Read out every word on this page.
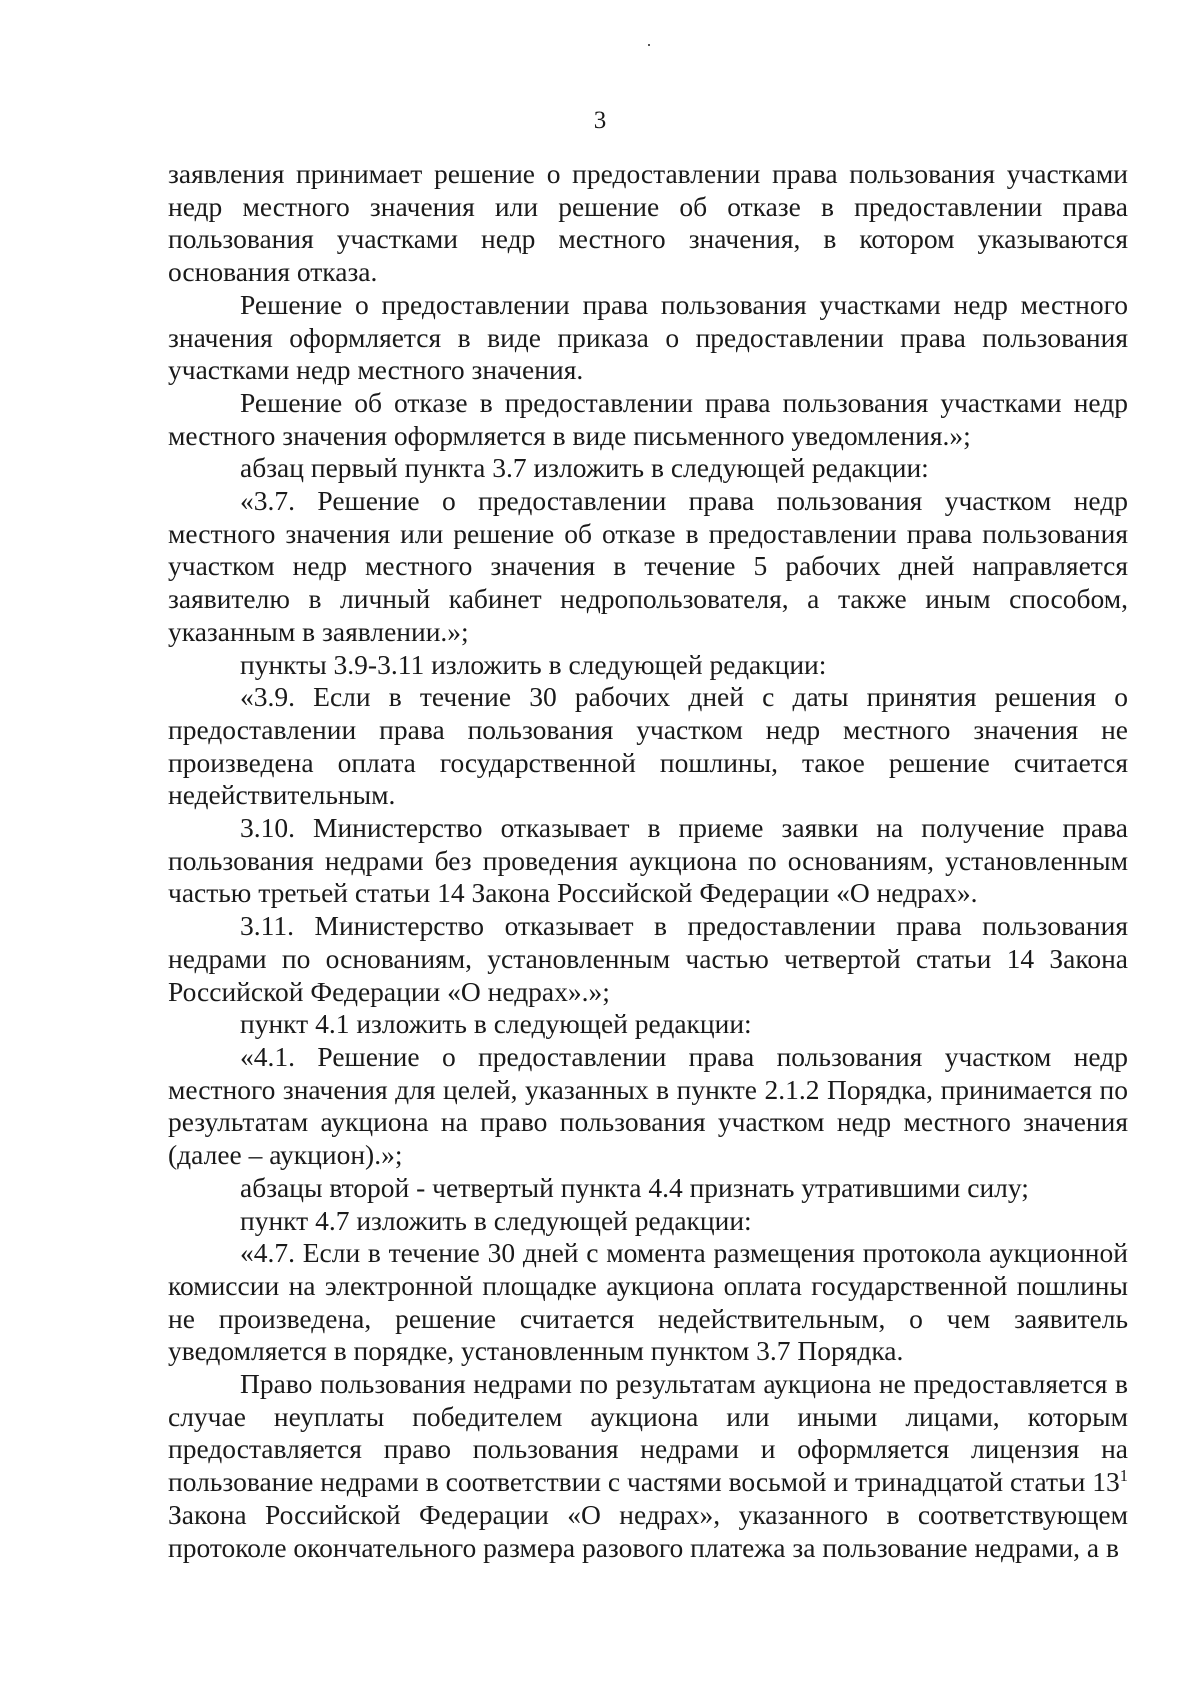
3

заявления принимает решение о предоставлении права пользования участками недр местного значения или решение об отказе в предоставлении права пользования участками недр местного значения, в котором указываются основания отказа.

Решение о предоставлении права пользования участками недр местного значения оформляется в виде приказа о предоставлении права пользования участками недр местного значения.

Решение об отказе в предоставлении права пользования участками недр местного значения оформляется в виде письменного уведомления.»;

абзац первый пункта 3.7 изложить в следующей редакции:

«3.7. Решение о предоставлении права пользования участком недр местного значения или решение об отказе в предоставлении права пользования участком недр местного значения в течение 5 рабочих дней направляется заявителю в личный кабинет недропользователя, а также иным способом, указанным в заявлении.»;

пункты 3.9-3.11 изложить в следующей редакции:

«3.9. Если в течение 30 рабочих дней с даты принятия решения о предоставлении права пользования участком недр местного значения не произведена оплата государственной пошлины, такое решение считается недействительным.

3.10. Министерство отказывает в приеме заявки на получение права пользования недрами без проведения аукциона по основаниям, установленным частью третьей статьи 14 Закона Российской Федерации «О недрах».

3.11. Министерство отказывает в предоставлении права пользования недрами по основаниям, установленным частью четвертой статьи 14 Закона Российской Федерации «О недрах».»;

пункт 4.1 изложить в следующей редакции:

«4.1. Решение о предоставлении права пользования участком недр местного значения для целей, указанных в пункте 2.1.2 Порядка, принимается по результатам аукциона на право пользования участком недр местного значения (далее – аукцион).»;

абзацы второй - четвертый пункта 4.4 признать утратившими силу;

пункт 4.7 изложить в следующей редакции:

«4.7. Если в течение 30 дней с момента размещения протокола аукционной комиссии на электронной площадке аукциона оплата государственной пошлины не произведена, решение считается недействительным, о чем заявитель уведомляется в порядке, установленным пунктом 3.7 Порядка.

Право пользования недрами по результатам аукциона не предоставляется в случае неуплаты победителем аукциона или иными лицами, которым предоставляется право пользования недрами и оформляется лицензия на пользование недрами в соответствии с частями восьмой и тринадцатой статьи $13^1$ Закона Российской Федерации «О недрах», указанного в соответствующем протоколе окончательного размера разового платежа за пользование недрами, а в
